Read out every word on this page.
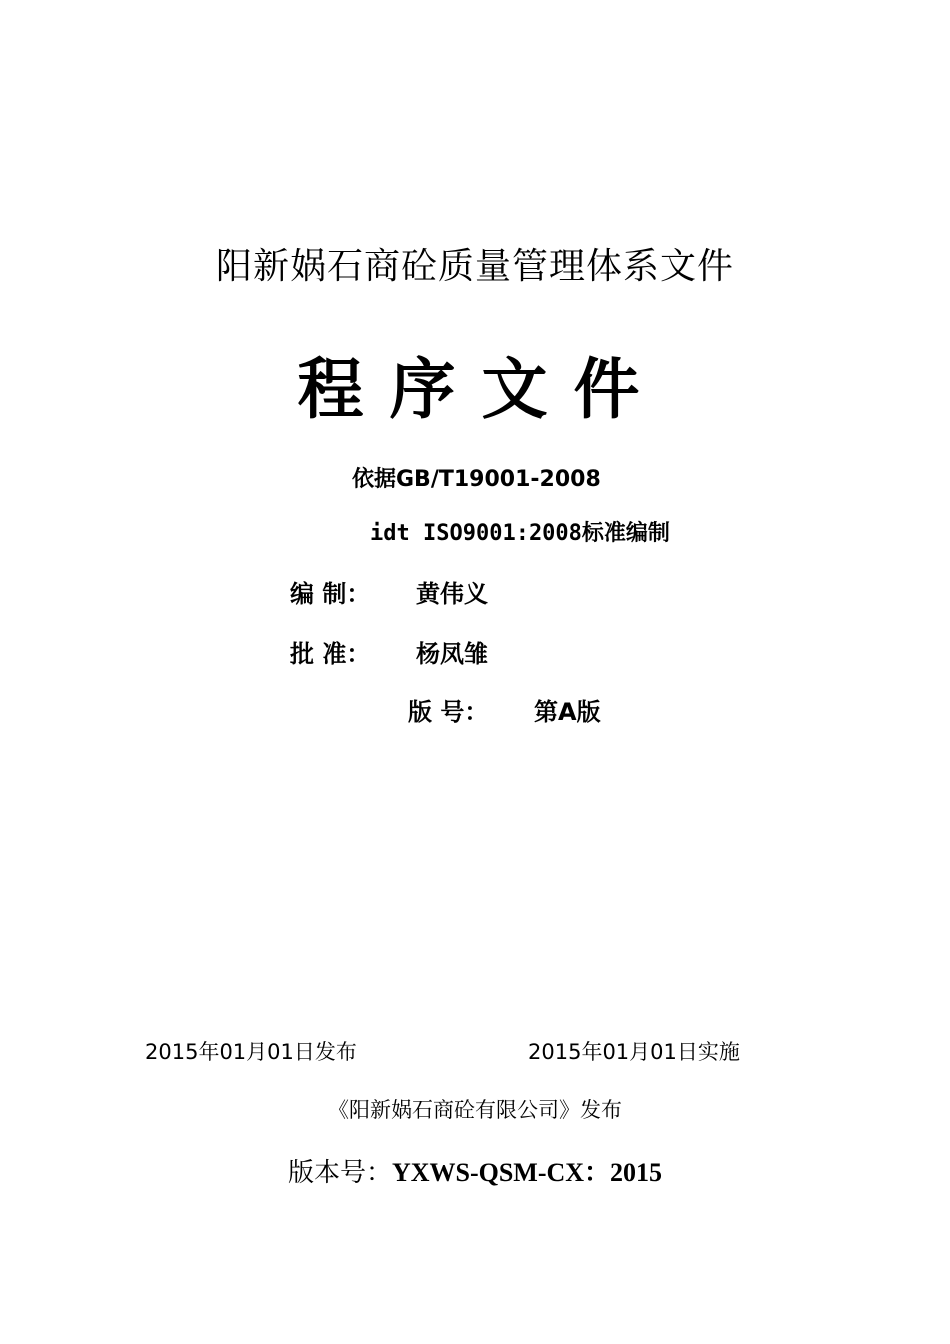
阳新娲石商砼质量管理体系文件
程序文件
依据GB/T19001-2008
idt ISO9001:2008标准编制
编 制： 黄伟义
批 准： 杨凤雏
版 号： 第A版
2015年01月01日发布	2015年01月01日实施
《阳新娲石商砼有限公司》发布
版本号：YXWS-QSM-CX：2015
